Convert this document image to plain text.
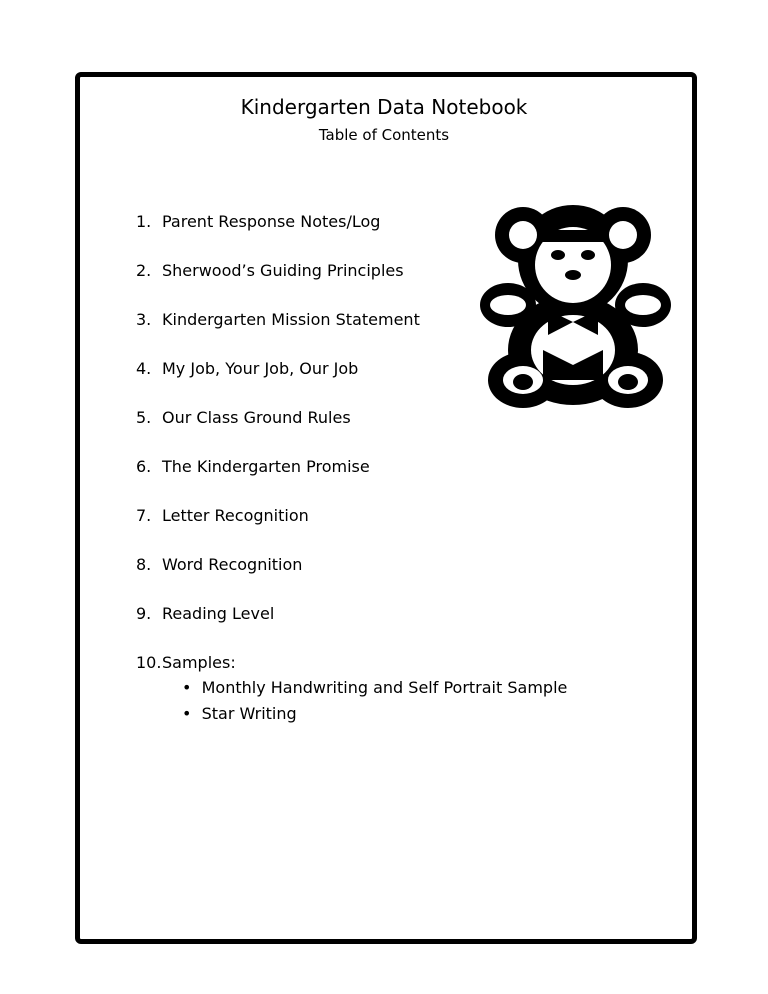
Kindergarten Data Notebook
Table of Contents
1. Parent Response Notes/Log
2. Sherwood’s Guiding Principles
3. Kindergarten Mission Statement
4. My Job, Your Job, Our Job
5. Our Class Ground Rules
6. The Kindergarten Promise
7. Letter Recognition
8. Word Recognition
9. Reading Level
10.Samples:
•  Monthly Handwriting and Self Portrait Sample
•  Star Writing
